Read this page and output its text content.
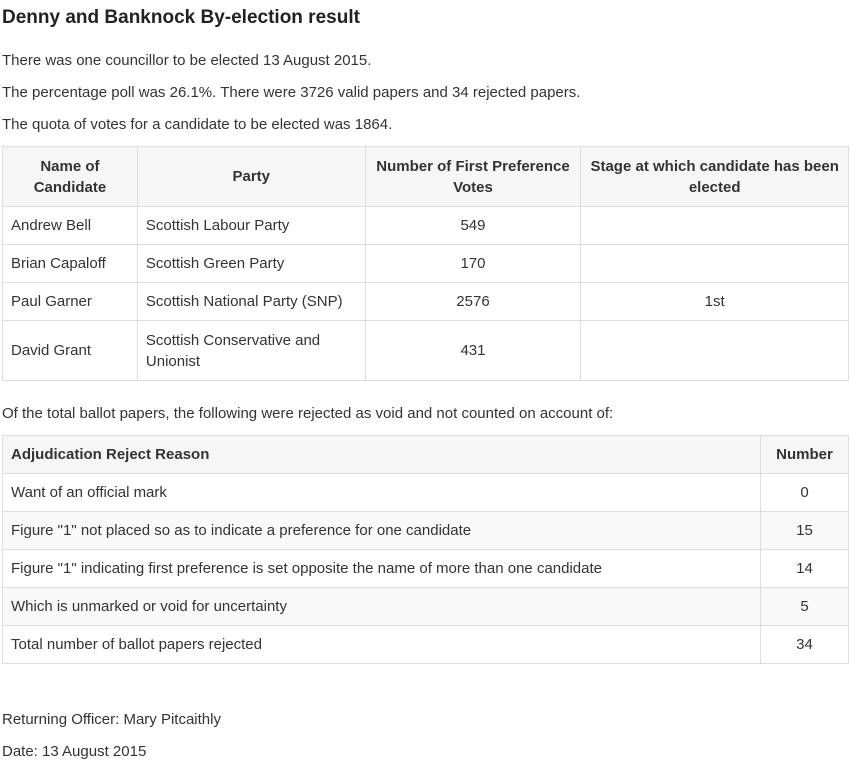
Denny and Banknock By-election result

There was one councillor to be elected 13 August 2015.

The percentage poll was 26.1%. There were 3726 valid papers and 34 rejected papers.

The quota of votes for a candidate to be elected was 1864.

Name of Candidate	Party	Number of First Preference Votes	Stage at which candidate has been elected
Andrew Bell	Scottish Labour Party	549	
Brian Capaloff	Scottish Green Party	170	
Paul Garner	Scottish National Party (SNP)	2576	1st
David Grant	Scottish Conservative and Unionist	431	

Of the total ballot papers, the following were rejected as void and not counted on account of:

Adjudication Reject Reason	Number
Want of an official mark	0
Figure "1" not placed so as to indicate a preference for one candidate	15
Figure "1" indicating first preference is set opposite the name of more than one candidate	14
Which is unmarked or void for uncertainty	5
Total number of ballot papers rejected	34

Returning Officer: Mary Pitcaithly

Date: 13 August 2015
